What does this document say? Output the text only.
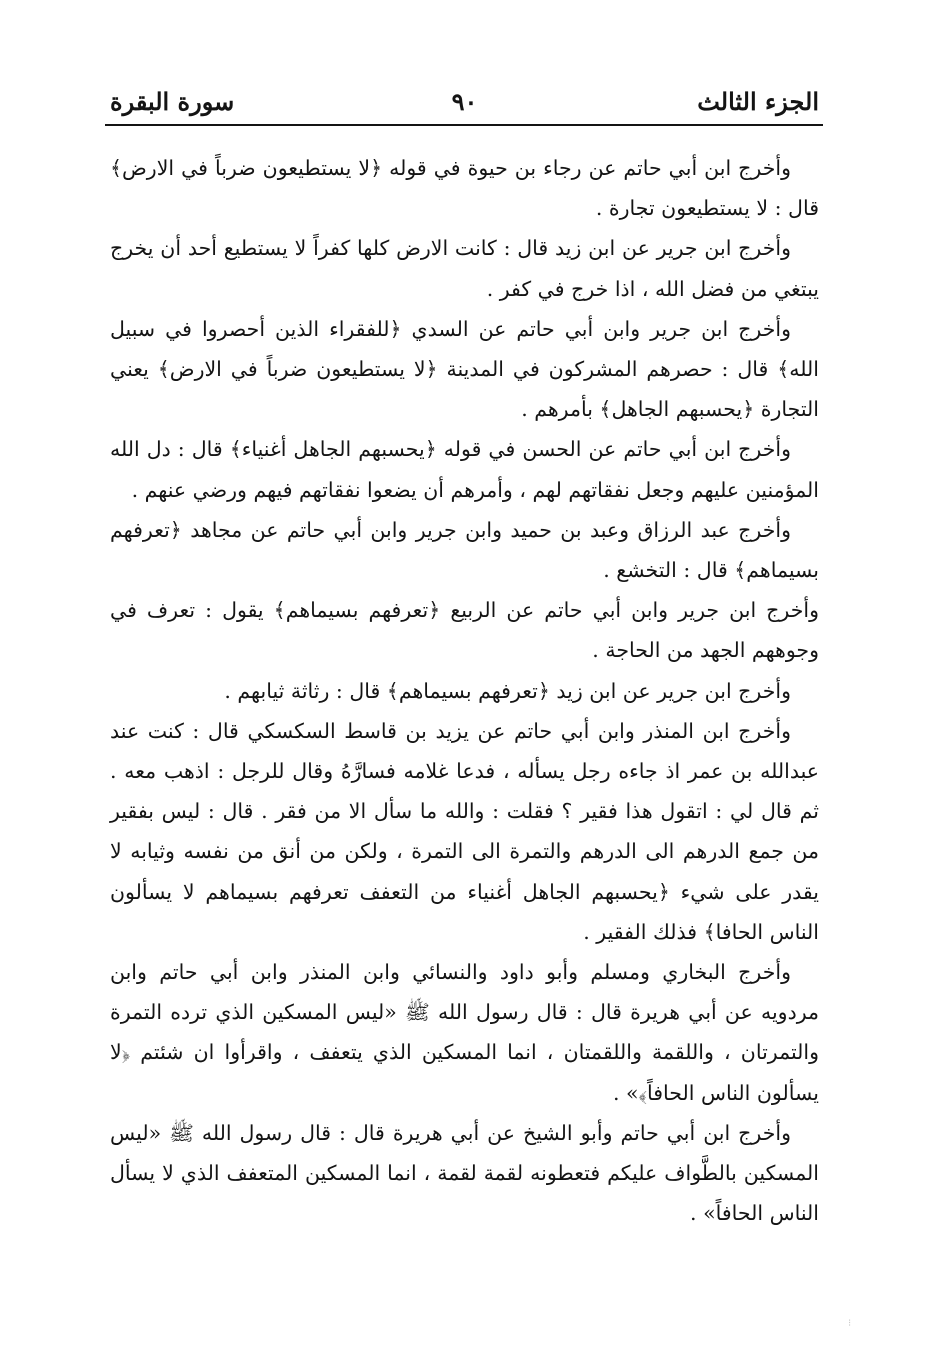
الجزء الثالث
٩٠
سورة البقرة

وأخرج ابن أبي حاتم عن رجاء بن حيوة في قوله ﴿لا يستطيعون ضرباً في الارض﴾ قال : لا يستطيعون تجارة .

وأخرج ابن جرير عن ابن زيد قال : كانت الارض كلها كفراً لا يستطيع أحد أن يخرج يبتغي من فضل الله ، اذا خرج في كفر .

وأخرج ابن جرير وابن أبي حاتم عن السدي ﴿للفقراء الذين أحصروا في سبيل الله﴾ قال : حصرهم المشركون في المدينة ﴿لا يستطيعون ضرباً في الارض﴾ يعني التجارة ﴿يحسبهم الجاهل﴾ بأمرهم .

وأخرج ابن أبي حاتم عن الحسن في قوله ﴿يحسبهم الجاهل أغنياء﴾ قال : دل الله المؤمنين عليهم وجعل نفقاتهم لهم ، وأمرهم أن يضعوا نفقاتهم فيهم ورضي عنهم .

وأخرج عبد الرزاق وعبد بن حميد وابن جرير وابن أبي حاتم عن مجاهد ﴿تعرفهم بسيماهم﴾ قال : التخشع .

وأخرج ابن جرير وابن أبي حاتم عن الربيع ﴿تعرفهم بسيماهم﴾ يقول : تعرف في وجوههم الجهد من الحاجة .

وأخرج ابن جرير عن ابن زيد ﴿تعرفهم بسيماهم﴾ قال : رثاثة ثيابهم .

وأخرج ابن المنذر وابن أبي حاتم عن يزيد بن قاسط السكسكي قال : كنت عند عبدالله بن عمر اذ جاءه رجل يسأله ، فدعا غلامه فسارَّهُ وقال للرجل : اذهب معه . ثم قال لي : اتقول هذا فقير ؟ فقلت : والله ما سأل الا من فقر . قال : ليس بفقير من جمع الدرهم الى الدرهم والتمرة الى التمرة ، ولكن من أنق من نفسه وثيابه لا يقدر على شيء ﴿يحسبهم الجاهل أغنياء من التعفف تعرفهم بسيماهم لا يسألون الناس الحافا﴾ فذلك الفقير .

وأخرج البخاري ومسلم وأبو داود والنسائي وابن المنذر وابن أبي حاتم وابن مردويه عن أبي هريرة قال : قال رسول الله ﷺ «ليس المسكين الذي ترده التمرة والتمرتان ، واللقمة واللقمتان ، انما المسكين الذي يتعفف ، واقرأوا ان شئتم ﴿لا يسألون الناس الحافاً﴾» .

وأخرج ابن أبي حاتم وأبو الشيخ عن أبي هريرة قال : قال رسول الله ﷺ «ليس المسكين بالطَّواف عليكم فتعطونه لقمة لقمة ، انما المسكين المتعفف الذي لا يسأل الناس الحافاً» .

⁝
